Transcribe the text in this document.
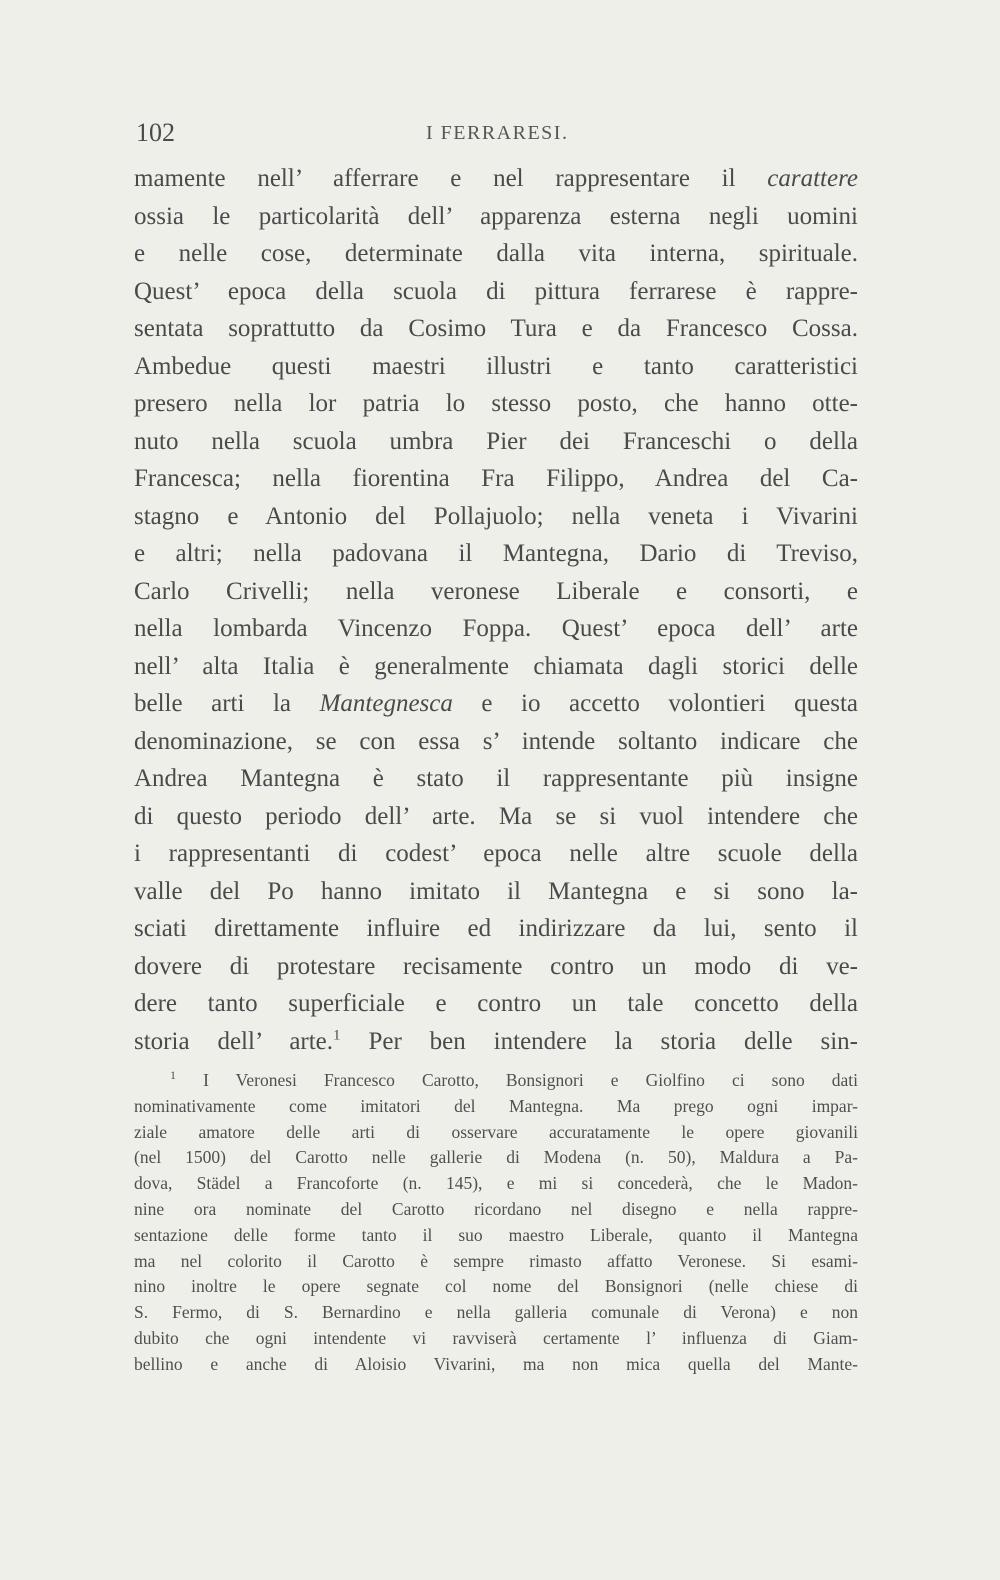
102	I FERRARESI.
mamente nell’ afferrare e nel rappresentare il carattere
ossia le particolarità dell’ apparenza esterna negli uomini
e nelle cose, determinate dalla vita interna, spirituale.
Quest’ epoca della scuola di pittura ferrarese è rappre-
sentata soprattutto da Cosimo Tura e da Francesco Cossa.
Ambedue questi maestri illustri e tanto caratteristici
presero nella lor patria lo stesso posto, che hanno otte-
nuto nella scuola umbra Pier dei Franceschi o della
Francesca; nella fiorentina Fra Filippo, Andrea del Ca-
stagno e Antonio del Pollajuolo; nella veneta i Vivarini
e altri; nella padovana il Mantegna, Dario di Treviso,
Carlo Crivelli; nella veronese Liberale e consorti, e
nella lombarda Vincenzo Foppa. Quest’ epoca dell’ arte
nell’ alta Italia è generalmente chiamata dagli storici delle
belle arti la Mantegnesca e io accetto volontieri questa
denominazione, se con essa s’ intende soltanto indicare che
Andrea Mantegna è stato il rappresentante più insigne
di questo periodo dell’ arte. Ma se si vuol intendere che
i rappresentanti di codest’ epoca nelle altre scuole della
valle del Po hanno imitato il Mantegna e si sono la-
sciati direttamente influire ed indirizzare da lui, sento il
dovere di protestare recisamente contro un modo di ve-
dere tanto superficiale e contro un tale concetto della
storia dell’ arte.$^1$ Per ben intendere la storia delle sin-
$^1$ I Veronesi Francesco Carotto, Bonsignori e Giolfino ci sono dati
nominativamente come imitatori del Mantegna. Ma prego ogni impar-
ziale amatore delle arti di osservare accuratamente le opere giovanili
(nel 1500) del Carotto nelle gallerie di Modena (n. 50), Maldura a Pa-
dova, Städel a Francoforte (n. 145), e mi si concederà, che le Madon-
nine ora nominate del Carotto ricordano nel disegno e nella rappre-
sentazione delle forme tanto il suo maestro Liberale, quanto il Mantegna
ma nel colorito il Carotto è sempre rimasto affatto Veronese. Si esami-
nino inoltre le opere segnate col nome del Bonsignori (nelle chiese di
S. Fermo, di S. Bernardino e nella galleria comunale di Verona) e non
dubito che ogni intendente vi ravviserà certamente l’ influenza di Giam-
bellino e anche di Aloisio Vivarini, ma non mica quella del Mante-
